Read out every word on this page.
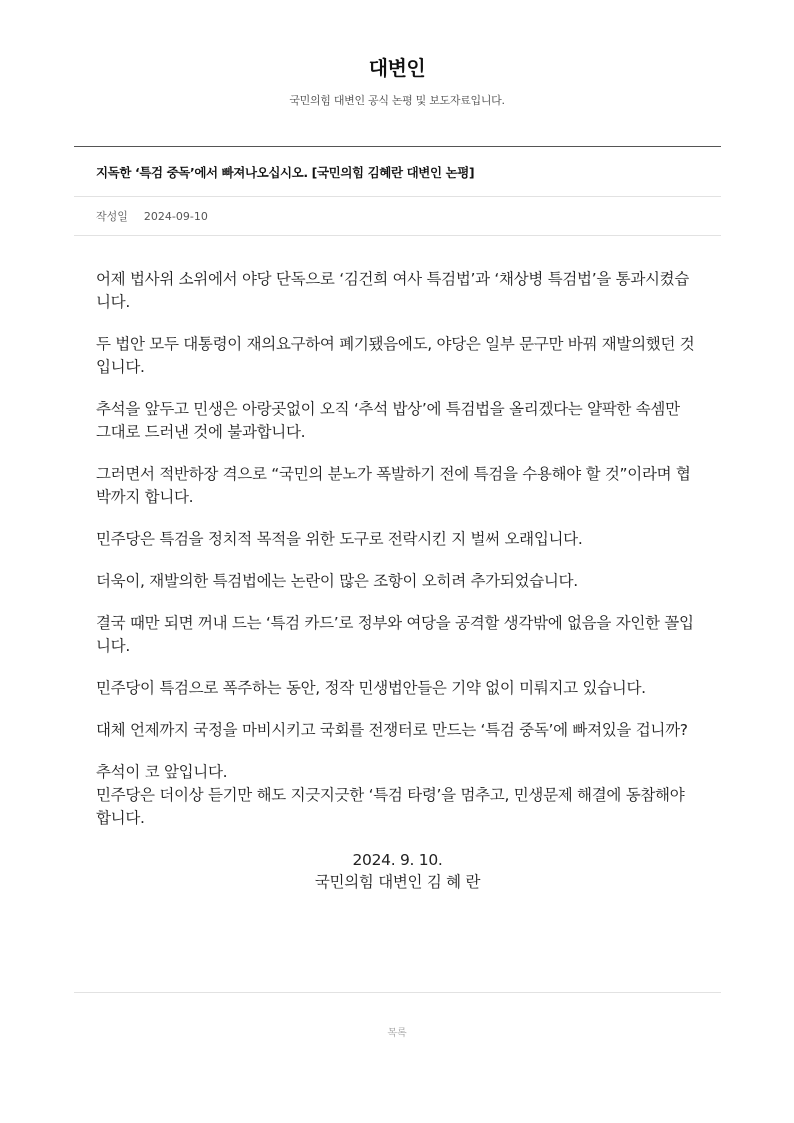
대변인
국민의힘 대변인 공식 논평 및 보도자료입니다.
지독한 ‘특검 중독’에서 빠져나오십시오. [국민의힘 김혜란 대변인 논평]
작성일 2024-09-10

어제 법사위 소위에서 야당 단독으로 ‘김건희 여사 특검법’과 ‘채상병 특검법’을 통과시켰습니다.

두 법안 모두 대통령이 재의요구하여 폐기됐음에도, 야당은 일부 문구만 바꿔 재발의했던 것입니다.

추석을 앞두고 민생은 아랑곳없이 오직 ‘추석 밥상’에 특검법을 올리겠다는 얄팍한 속셈만 그대로 드러낸 것에 불과합니다.

그러면서 적반하장 격으로 “국민의 분노가 폭발하기 전에 특검을 수용해야 할 것”이라며 협박까지 합니다.

민주당은 특검을 정치적 목적을 위한 도구로 전락시킨 지 벌써 오래입니다.

더욱이, 재발의한 특검법에는 논란이 많은 조항이 오히려 추가되었습니다.

결국 때만 되면 꺼내 드는 ‘특검 카드’로 정부와 여당을 공격할 생각밖에 없음을 자인한 꼴입니다.

민주당이 특검으로 폭주하는 동안, 정작 민생법안들은 기약 없이 미뤄지고 있습니다.

대체 언제까지 국정을 마비시키고 국회를 전쟁터로 만드는 ‘특검 중독’에 빠져있을 겁니까?

추석이 코 앞입니다.

민주당은 더이상 듣기만 해도 지긋지긋한 ‘특검 타령’을 멈추고, 민생문제 해결에 동참해야 합니다.

2024. 9. 10.
국민의힘 대변인 김 혜 란
목록
